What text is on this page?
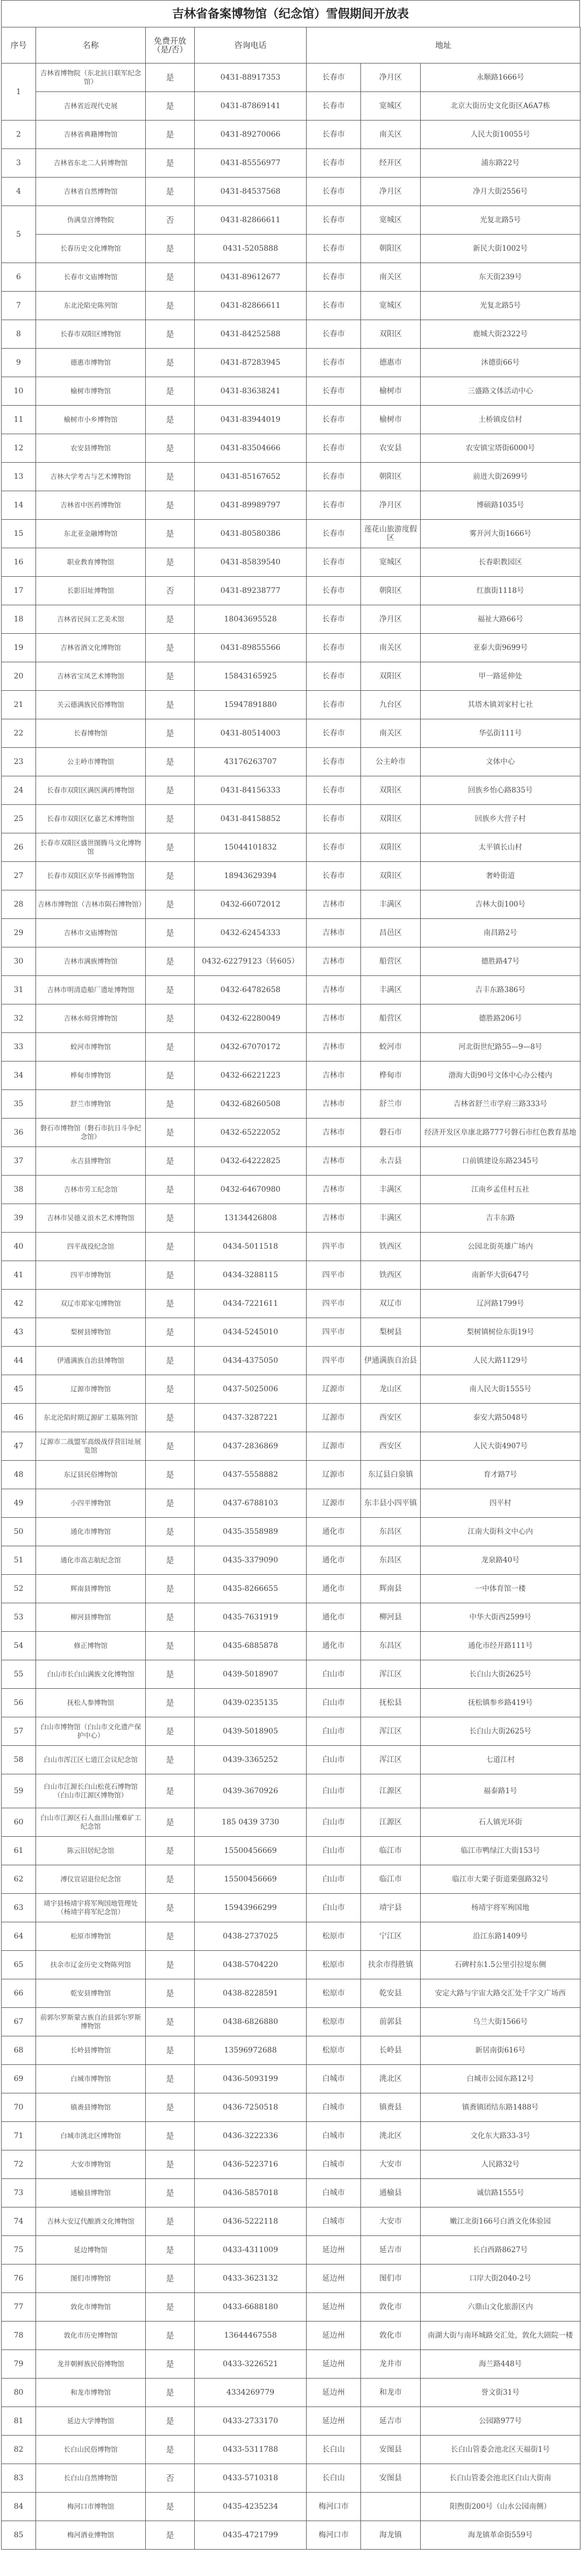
吉林省备案博物馆（纪念馆）雪假期间开放表
序号	名称	免费开放（是/否）	咨询电话	地址		
1	吉林省博物院（东北抗日联军纪念馆）	是	0431-88917353	长春市	净月区	永顺路1666号
	吉林省近现代史展	是	0431-87869141	长春市	宽城区	北京大街历史文化街区A6A7栋
2	吉林省典籍博物馆	是	0431-89270066	长春市	南关区	人民大街10055号
3	吉林省东北二人转博物馆	是	0431-85556977	长春市	经开区	浦东路22号
4	吉林省自然博物馆	是	0431-84537568	长春市	净月区	净月大街2556号
5	伪满皇宫博物院	否	0431-82866611	长春市	宽城区	光复北路5号
	长春历史文化博物馆	是	0431-5205888	长春市	朝阳区	新民大街1002号
6	长春市文庙博物馆	是	0431-89612677	长春市	南关区	东天街239号
7	东北沦陷史陈列馆	是	0431-82866611	长春市	宽城区	光复北路5号
8	长春市双阳区博物馆	是	0431-84252588	长春市	双阳区	鹿城大街2322号
9	德惠市博物馆	是	0431-87283945	长春市	德惠市	沐德街66号
10	榆树市博物馆	是	0431-83638241	长春市	榆树市	三盛路文体活动中心
11	榆树市小乡博物馆	是	0431-83944019	长春市	榆树市	土桥镇皮信村
12	农安县博物馆	是	0431-83504666	长春市	农安县	农安镇宝塔街6000号
13	吉林大学考古与艺术博物馆	是	0431-85167652	长春市	朝阳区	前进大街2699号
14	吉林省中医药博物馆	是	0431-89989797	长春市	净月区	博硕路1035号
15	东北亚金融博物馆	是	0431-80580386	长春市	莲花山旅游度假区	雾开河大街1666号
16	职业教育博物馆	是	0431-85839540	长春市	宽城区	长春职教园区
17	长影旧址博物馆	否	0431-89238777	长春市	朝阳区	红旗街1118号
18	吉林省民间工艺美术馆	是	18043695528	长春市	净月区	福祉大路66号
19	吉林省酒文化博物馆	是	0431-89855566	长春市	南关区	亚泰大街9699号
20	吉林省宝凤艺术博物馆	是	15843165925	长春市	双阳区	甲一路延伸处
21	关云德满族民俗博物馆	是	15947891880	长春市	九台区	其塔木镇刘家村七社
22	长春博物馆	是	0431-80514003	长春市	南关区	华弘街111号
23	公主岭市博物馆	是	43176263707	长春市	公主岭市	文体中心
24	长春市双阳区满医满药博物馆	是	0431-84156333	长春市	双阳区	回族乡怡心路835号
25	长春市双阳区亿嘉艺术博物馆	是	0431-84158852	长春市	双阳区	回族乡大营子村
26	长春市双阳区盛世图腾马文化博物馆	是	15044101832	长春市	双阳区	太平镇长山村
27	长春市双阳区京华书画博物馆	是	18943629394	长春市	双阳区	奢岭街道
28	吉林市博物馆（吉林市陨石博物馆）	是	0432-66072012	吉林市	丰满区	吉林大街100号
29	吉林市文庙博物馆	是	0432-62454333	吉林市	昌邑区	南昌路2号
30	吉林市满族博物馆	是	0432-62279123（转605）	吉林市	船营区	德胜路47号
31	吉林市明清造船厂遗址博物馆	是	0432-64782658	吉林市	丰满区	吉丰东路386号
32	吉林水师营博物馆	是	0432-62280049	吉林市	船营区	德胜路206号
33	蛟河市博物馆	是	0432-67070172	吉林市	蛟河市	河北街世纪路55—9—8号
34	桦甸市博物馆	是	0432-66221223	吉林市	桦甸市	渤海大街90号文体中心办公楼内
35	舒兰市博物馆	是	0432-68260508	吉林市	舒兰市	吉林省舒兰市学府三路333号
36	磐石市博物馆（磐石市抗日斗争纪念馆）	是	0432-65222052	吉林市	磐石市	经济开发区阜康北路777号磐石市红色教育基地
37	永吉县博物馆	是	0432-64222825	吉林市	永吉县	口前镇建设东路2345号
38	吉林市劳工纪念馆	是	0432-64670980	吉林市	丰满区	江南乡孟佳村五社
39	吉林市吴德义浪木艺术博物馆	是	13134426808	吉林市	丰满区	吉丰东路
40	四平战役纪念馆	是	0434-5011518	四平市	铁西区	公园北街英雄广场内
41	四平市博物馆	是	0434-3288115	四平市	铁西区	南新华大街647号
42	双辽市郑家屯博物馆	是	0434-7221611	四平市	双辽市	辽河路1799号
43	梨树县博物馆	是	0434-5245010	四平市	梨树县	梨树镇树俭东街19号
44	伊通满族自治县博物馆	是	0434-4375050	四平市	伊通满族自治县	人民大路1129号
45	辽源市博物馆	是	0437-5025006	辽源市	龙山区	南人民大街1555号
46	东北沦陷时期辽源矿工墓陈列馆	是	0437-3287221	辽源市	西安区	泰安大路5048号
47	辽源市二战盟军高级战俘营旧址展览馆	是	0437-2836869	辽源市	西安区	人民大街4907号
48	东辽县民俗博物馆	是	0437-5558882	辽源市	东辽县白泉镇	育才路7号
49	小四平博物馆	是	0437-6788103	辽源市	东丰县小四平镇	四平村
50	通化市博物馆	是	0435-3558989	通化市	东昌区	江南大街科文中心内
51	通化市高志航纪念馆	是	0435-3379090	通化市	东昌区	龙泉路40号
52	辉南县博物馆	是	0435-8266655	通化市	辉南县	一中体育馆一楼
53	柳河县博物馆	是	0435-7631919	通化市	柳河县	中华大街西2599号
54	修正博物馆	是	0435-6885878	通化市	东昌区	通化市经开路111号
55	白山市长白山满族文化博物馆	是	0439-5018907	白山市	浑江区	长白山大街2625号
56	抚松人参博物馆	是	0439-0235135	白山市	抚松县	抚松镇参乡路419号
57	白山市博物馆（白山市文化遗产保护中心）	是	0439-5018905	白山市	浑江区	长白山大街2625号
58	白山市浑江区七道江会议纪念馆	是	0439-3365252	白山市	浑江区	七道江村
59	白山市江源长白山松花石博物馆（白山市江源区博物馆）	是	0439-3670926	白山市	江源区	福泰路1号
60	白山市江源区石人血泪山罹难矿工纪念馆	是	185 0439 3730	白山市	江源区	石人镇光环街
61	陈云旧居纪念馆	是	15500456669	白山市	临江市	临江市鸭绿江大街153号
62	溥仪宣诏退位纪念馆	是	15500456669	白山市	临江市	临江市大栗子街道栗强路32号
63	靖宇县杨靖宇将军殉国地管理处（杨靖宇将军纪念馆）	是	15943966299	白山市	靖宇县	杨靖宇将军殉国地
64	松原市博物馆	是	0438-2737025	松原市	宁江区	沿江东路1409号
65	扶余市辽金历史文物陈列馆	是	0438-5704220	松原市	扶余市得胜镇	石碑村东1.5公里引拉堤东侧
66	乾安县博物馆	是	0438-8228591	松原市	乾安县	安定大路与宇宙大路交汇处千字文广场西
67	前郭尔罗斯蒙古族自治县郭尔罗斯博物馆	是	0438-6826880	松原市	前郭县	乌兰大街1566号
68	长岭县博物馆	是	13596972688	松原市	长岭县	新居南街616号
69	白城市博物馆	是	0436-5093199	白城市	洮北区	白城市公园东路12号
70	镇赉县博物馆	是	0436-7250518	白城市	镇赉县	镇赉镇团结东路1488号
71	白城市洮北区博物馆	是	0436-3222336	白城市	洮北区	文化东大路33-3号
72	大安市博物馆	是	0436-5223716	白城市	大安市	人民路32号
73	通榆县博物馆	是	0436-5857018	白城市	通榆县	诚信路1555号
74	吉林大安辽代酿酒文化博物馆	是	0436-5222118	白城市	大安市	嫩江北街166号白酒文化体验园
75	延边博物馆	是	0433-4311009	延边州	延吉市	长白西路8627号
76	图们市博物馆	是	0433-3623132	延边州	图们市	口岸大街2040-2号
77	敦化市博物馆	是	0433-6688180	延边州	敦化市	六鼎山文化旅游区内
78	敦化市历史博物馆	是	13644467558	延边州	敦化市	南湖大街与南环城路交汇处，敦化大剧院一楼
79	龙井朝鲜族民俗博物馆	是	0433-3226521	延边州	龙井市	海兰路448号
80	和龙市博物馆	是	4334269779	延边州	和龙市	誉文街31号
81	延边大学博物馆	是	0433-2733170	延边州	延吉市	公园路977号
82	长白山民俗博物馆	是	0433-5311788	长白山	安图县	长白山管委会池北区天福街1号
83	长白山自然博物馆	否	0433-5710318	长白山	安图县	长白山管委会池北区白山大街南
84	梅河口市博物馆	是	0435-4235234	梅河口市		阳煦街200号（山水公园南侧）
85	梅河酒业博物馆	是	0435-4721799	梅河口市	海龙镇	海龙镇革命街559号
